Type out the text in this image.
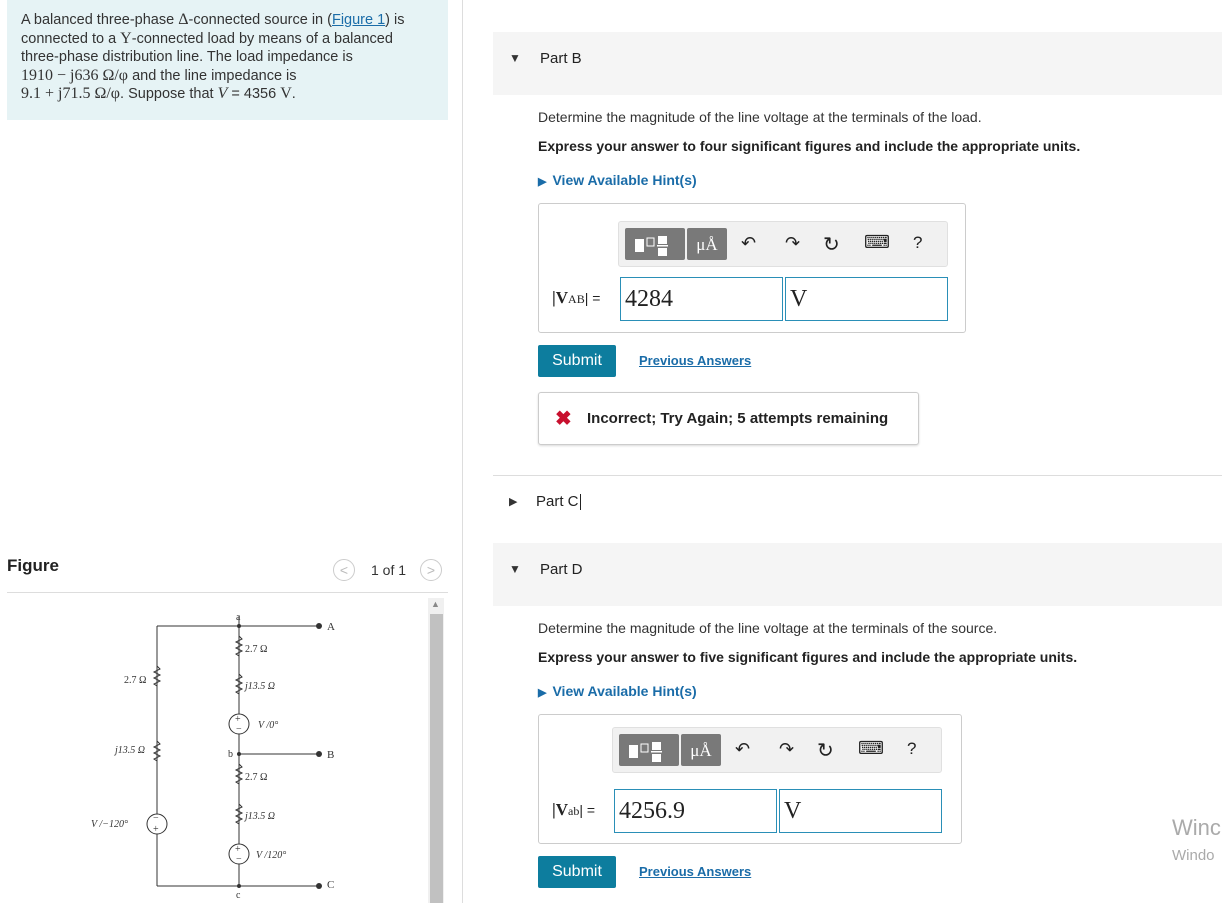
A balanced three-phase Δ-connected source in (Figure 1) is
connected to a Y-connected load by means of a balanced
three-phase distribution line. The load impedance is
1910 − j636 Ω/φ and the line impedance is
9.1 + j71.5 Ω/φ. Suppose that V = 4356 V.
Figure	< 1 of 1 >
a
b
c
A
B
C
2.7 Ω
j13.5 Ω
2.7 Ω
j13.5 Ω
2.7 Ω
j13.5 Ω
V /0°
V /120°
V /−120°
+
−
+
−
−
+
▲
▼ Part B
Determine the magnitude of the line voltage at the terminals of the load.
Express your answer to four significant figures and include the appropriate units.
▶ View Available Hint(s)
μÅ	↶ ↷ ↻ ⌨ ?
|VAB| = 4284	V
Submit	Previous Answers
✖ Incorrect; Try Again; 5 attempts remaining
▶ Part C
▼ Part D
Determine the magnitude of the line voltage at the terminals of the source.
Express your answer to five significant figures and include the appropriate units.
▶ View Available Hint(s)
μÅ	↶ ↷ ↻ ⌨ ?
|Vab| = 4256.9	V
Submit	Previous Answers
Winc
Windo
